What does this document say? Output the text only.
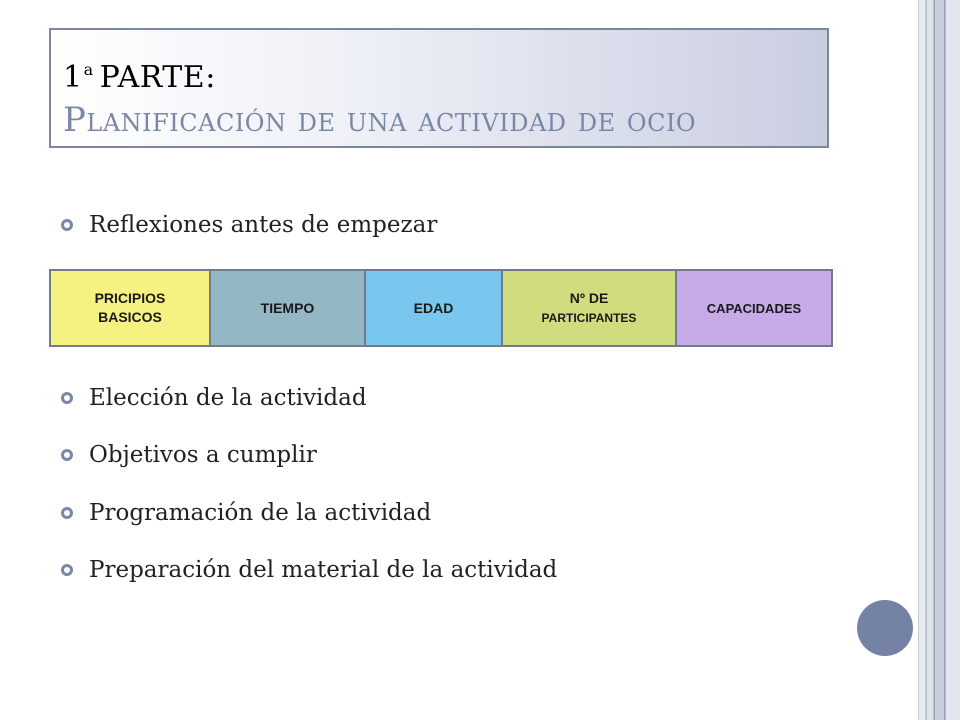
1$^a$ PARTE:
Planificación de una actividad de ocio
Reflexiones antes de empezar
PRICIPIOS
BASICOS
TIEMPO	EDAD
Nº DE
PARTICIPANTES
CAPACIDADES
Elección de la actividad
Objetivos a cumplir
Programación de la actividad
Preparación del material de la actividad
